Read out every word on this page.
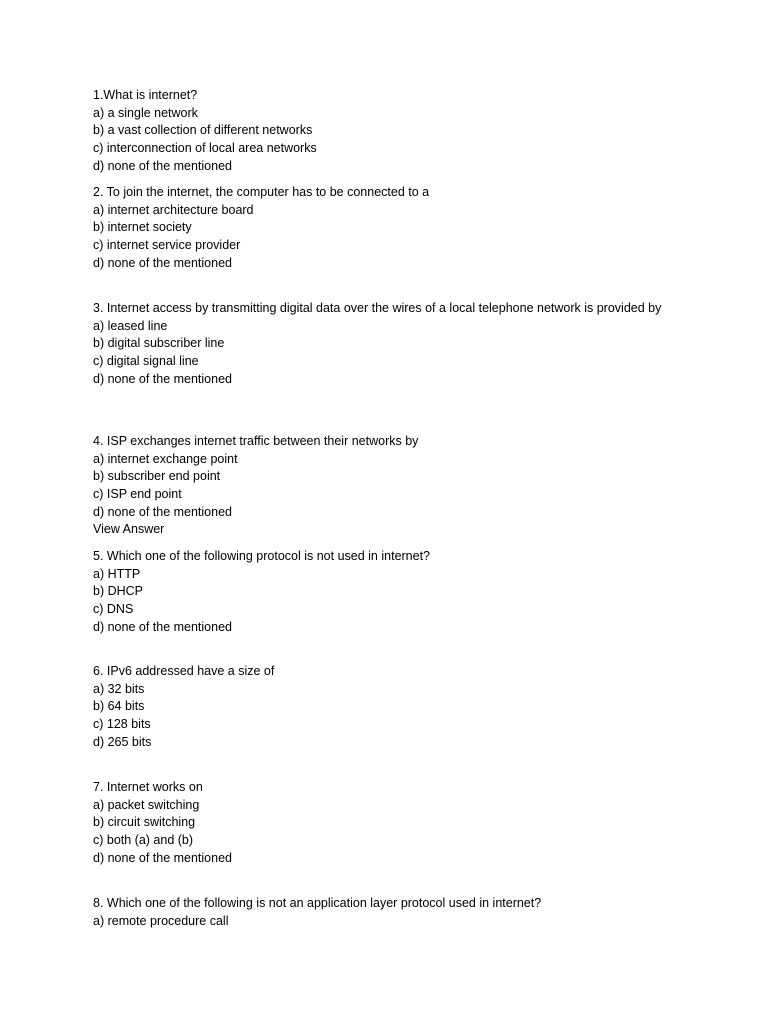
1.What is internet?
a) a single network
b) a vast collection of different networks
c) interconnection of local area networks
d) none of the mentioned
2. To join the internet, the computer has to be connected to a
a) internet architecture board
b) internet society
c) internet service provider
d) none of the mentioned
3. Internet access by transmitting digital data over the wires of a local telephone network is provided by
a) leased line
b) digital subscriber line
c) digital signal line
d) none of the mentioned
4. ISP exchanges internet traffic between their networks by
a) internet exchange point
b) subscriber end point
c) ISP end point
d) none of the mentioned
View Answer
5. Which one of the following protocol is not used in internet?
a) HTTP
b) DHCP
c) DNS
d) none of the mentioned
6. IPv6 addressed have a size of
a) 32 bits
b) 64 bits
c) 128 bits
d) 265 bits
7. Internet works on
a) packet switching
b) circuit switching
c) both (a) and (b)
d) none of the mentioned
8. Which one of the following is not an application layer protocol used in internet?
a) remote procedure call
